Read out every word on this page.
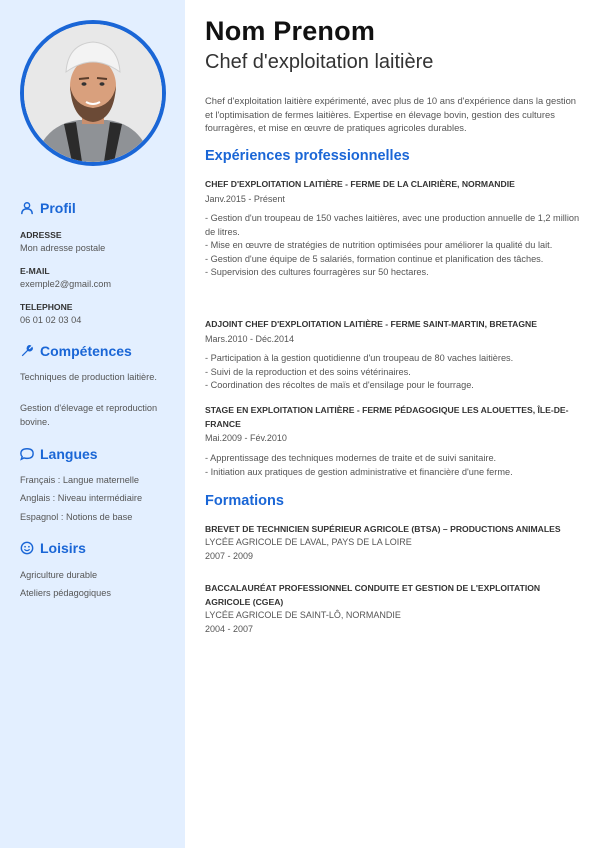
Profil
ADRESSE
Mon adresse postale
E-MAIL
exemple2@gmail.com
TELEPHONE
06 01 02 03 04
Compétences
Techniques de production laitière.
Gestion d'élevage et reproduction bovine.
Langues
Français : Langue maternelle
Anglais : Niveau intermédiaire
Espagnol : Notions de base
Loisirs
Agriculture durable
Ateliers pédagogiques
Nom Prenom
Chef d'exploitation laitière
Chef d'exploitation laitière expérimenté, avec plus de 10 ans d'expérience dans la gestion et l'optimisation de fermes laitières. Expertise en élevage bovin, gestion des cultures fourragères, et mise en œuvre de pratiques agricoles durables.
Expériences professionnelles
CHEF D'EXPLOITATION LAITIÈRE - FERME DE LA CLAIRIÈRE, NORMANDIE
Janv.2015 - Présent
- Gestion d'un troupeau de 150 vaches laitières, avec une production annuelle de 1,2 million de litres.
- Mise en œuvre de stratégies de nutrition optimisées pour améliorer la qualité du lait.
- Gestion d'une équipe de 5 salariés, formation continue et planification des tâches.
- Supervision des cultures fourragères sur 50 hectares.
ADJOINT CHEF D'EXPLOITATION LAITIÈRE - FERME SAINT-MARTIN, BRETAGNE
Mars.2010 - Déc.2014
- Participation à la gestion quotidienne d'un troupeau de 80 vaches laitières.
- Suivi de la reproduction et des soins vétérinaires.
- Coordination des récoltes de maïs et d'ensilage pour le fourrage.
STAGE EN EXPLOITATION LAITIÈRE - FERME PÉDAGOGIQUE LES ALOUETTES, ÎLE-DE-FRANCE
Mai.2009 - Fév.2010
- Apprentissage des techniques modernes de traite et de suivi sanitaire.
- Initiation aux pratiques de gestion administrative et financière d'une ferme.
Formations
BREVET DE TECHNICIEN SUPÉRIEUR AGRICOLE (BTSA) – PRODUCTIONS ANIMALES
LYCÉE AGRICOLE DE LAVAL, PAYS DE LA LOIRE
2007 - 2009
BACCALAURÉAT PROFESSIONNEL CONDUITE ET GESTION DE L'EXPLOITATION AGRICOLE (CGEA)
LYCÉE AGRICOLE DE SAINT-LÔ, NORMANDIE
2004 - 2007
